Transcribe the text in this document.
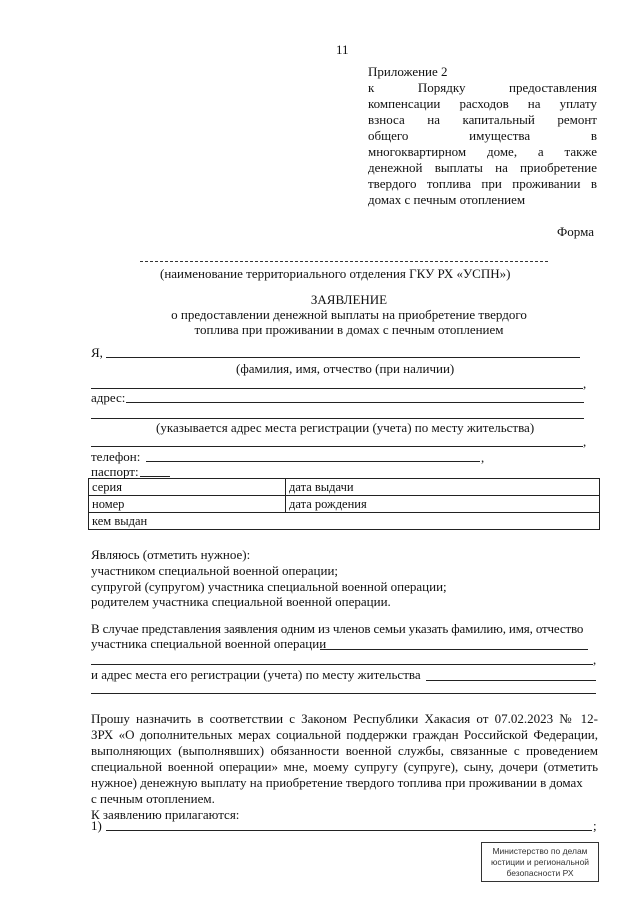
11
Приложение 2
к Порядку предоставления
компенсации расходов на уплату
взноса на капитальный ремонт
общего имущества в
многоквартирном доме, а также
денежной выплаты на приобретение
твердого топлива при проживании в
домах с печным отоплением
Форма
(наименование территориального отделения ГКУ РХ «УСПН»)
ЗАЯВЛЕНИЕ
о предоставлении денежной выплаты на приобретение твердого
топлива при проживании в домах с печным отоплением
Я,
(фамилия, имя, отчество (при наличии)
,
адрес:
(указывается адрес места регистрации (учета) по месту жительства)
,
телефон:	,
паспорт:
серия	дата выдачи
номер	дата рождения
кем выдан	
Являюсь (отметить нужное):
участником специальной военной операции;
супругой (супругом) участника специальной военной операции;
родителем участника специальной военной операции.
В случае представления заявления одним из членов семьи указать фамилию, имя, отчество
участника специальной военной операции
,
и адрес места его регистрации (учета) по месту жительства
Прошу назначить в соответствии с Законом Республики Хакасия от 07.02.2023 № 12-
ЗРХ «О дополнительных мерах социальной поддержки граждан Российской Федерации,
выполняющих (выполнявших) обязанности военной службы, связанные с проведением
специальной военной операции» мне, моему супругу (супруге), сыну, дочери (отметить
нужное) денежную выплату на приобретение твердого топлива при проживании в домах
с печным отоплением.
К заявлению прилагаются:
1)	;
Министерство по делам
юстиции и региональной
безопасности РХ
